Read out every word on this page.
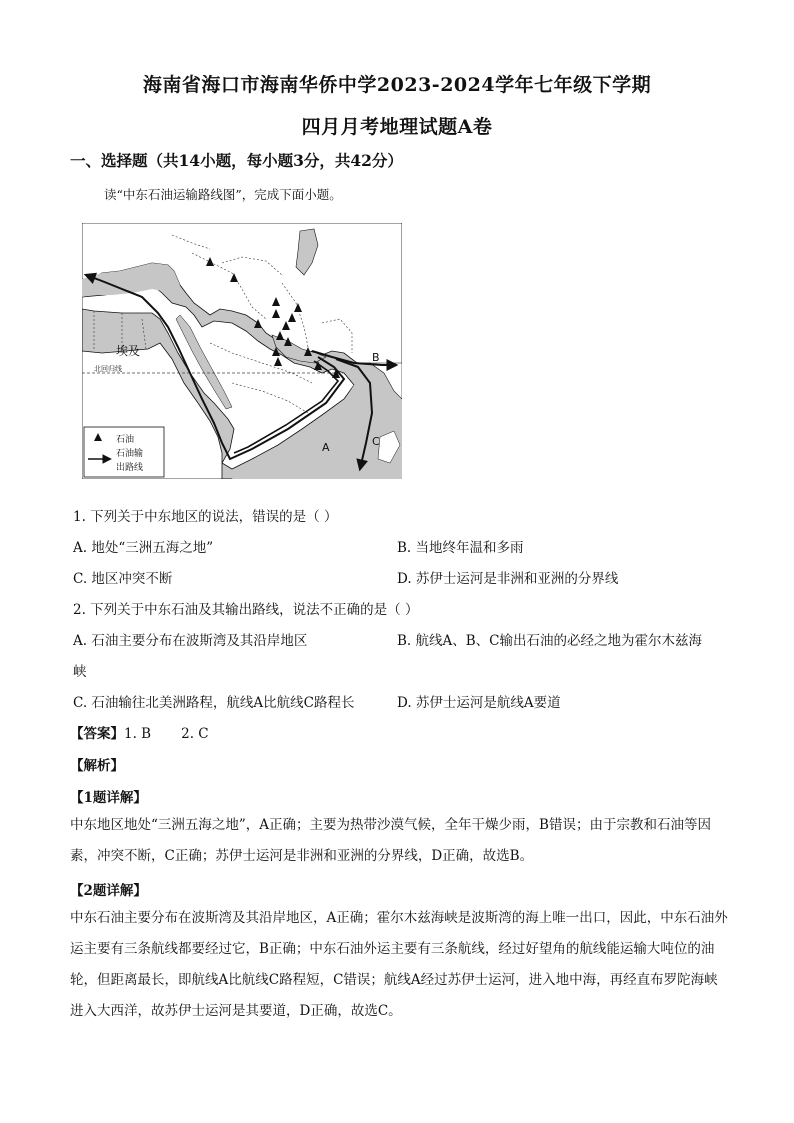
海南省海口市海南华侨中学2023-2024学年七年级下学期
四月月考地理试题A卷
一、选择题（共14小题，每小题3分，共42分）
读“中东石油运输路线图”，完成下面小题。
北回归线
埃及
A
B
C
石油
石油输
出路线
1. 下列关于中东地区的说法，错误的是（ ）
A. 地处“三洲五海之地”	B. 当地终年温和多雨
C. 地区冲突不断	D. 苏伊士运河是非洲和亚洲的分界线
2. 下列关于中东石油及其输出路线，说法不正确的是（ ）
A. 石油主要分布在波斯湾及其沿岸地区	B. 航线A、B、C输出石油的必经之地为霍尔木兹海
峡
C. 石油输往北美洲路程，航线A比航线C路程长	D. 苏伊士运河是航线A要道
【答案】1. B       2. C
【解析】
【1题详解】
中东地区地处“三洲五海之地”，A正确；主要为热带沙漠气候，全年干燥少雨，B错误；由于宗教和石油等因素，冲突不断，C正确；苏伊士运河是非洲和亚洲的分界线，D正确，故选B。
【2题详解】
中东石油主要分布在波斯湾及其沿岸地区，A正确；霍尔木兹海峡是波斯湾的海上唯一出口，因此，中东石油外运主要有三条航线都要经过它，B正确；中东石油外运主要有三条航线，经过好望角的航线能运输大吨位的油轮，但距离最长，即航线A比航线C路程短，C错误；航线A经过苏伊士运河，进入地中海，再经直布罗陀海峡进入大西洋，故苏伊士运河是其要道，D正确，故选C。
